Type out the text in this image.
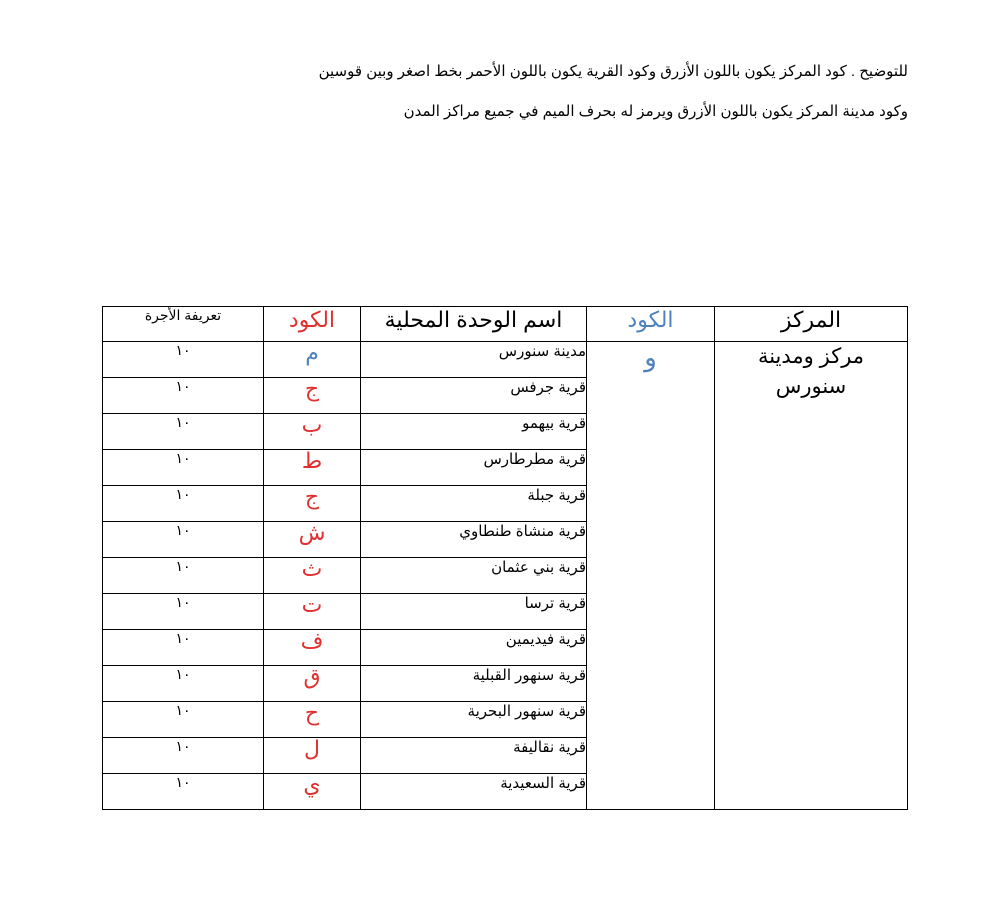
للتوضيح . كود المركز يكون باللون الأزرق وكود القرية يكون باللون الأحمر بخط اصغر وبين قوسين
وكود مدينة المركز يكون باللون الأزرق ويرمز له بحرف الميم في جميع مراكز المدن
المركز	الكود	اسم الوحدة المحلية	الكود	تعريفة الأجرة
مركز ومدينة سنورس	و	مدينة سنورس	م	١٠
		قرية جرفس	ج	١٠
		قرية بيهمو	ب	١٠
		قرية مطرطارس	ط	١٠
		قرية جبلة	ج	١٠
		قرية منشاة طنطاوي	ش	١٠
		قرية بني عثمان	ث	١٠
		قرية ترسا	ت	١٠
		قرية فيديمين	ف	١٠
		قرية سنهور القبلية	ق	١٠
		قرية سنهور البحرية	ح	١٠
		قرية نقاليفة	ل	١٠
		قرية السعيدية	ي	١٠
